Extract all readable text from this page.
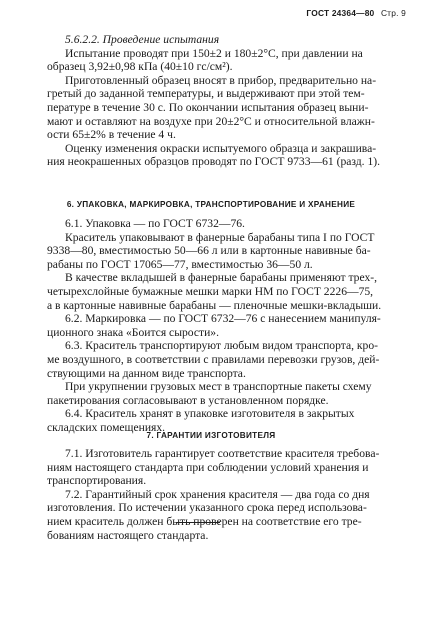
ГОСТ 24364—80 Стр. 9
5.6.2.2. Проведение испытания
Испытание проводят при 150±2 и 180±2°С, при давлении на
образец 3,92±0,98 кПа (40±10 гс/см²).
Приготовленный образец вносят в прибор, предварительно на-
гретый до заданной температуры, и выдерживают при этой тем-
пературе в течение 30 с. По окончании испытания образец выни-
мают и оставляют на воздухе при 20±2°С и относительной влажн-
ости 65±2% в течение 4 ч.
Оценку изменения окраски испытуемого образца и закрашива-
ния неокрашенных образцов проводят по ГОСТ 9733—61 (разд. 1).
6. УПАКОВКА, МАРКИРОВКА, ТРАНСПОРТИРОВАНИЕ И ХРАНЕНИЕ
6.1. Упаковка — по ГОСТ 6732—76.
Краситель упаковывают в фанерные барабаны типа I по ГОСТ
9338—80, вместимостью 50—66 л или в картонные навивные ба-
рабаны по ГОСТ 17065—77, вместимостью 36—50 л.
В качестве вкладышей в фанерные барабаны применяют трех-,
четырехслойные бумажные мешки марки НМ по ГОСТ 2226—75,
а в картонные навивные барабаны — пленочные мешки-вкладыши.
6.2. Маркировка — по ГОСТ 6732—76 с нанесением манипуля-
ционного знака «Боится сырости».
6.3. Краситель транспортируют любым видом транспорта, кро-
ме воздушного, в соответствии с правилами перевозки грузов, дей-
ствующими на данном виде транспорта.
При укрупнении грузовых мест в транспортные пакеты схему
пакетирования согласовывают в установленном порядке.
6.4. Краситель хранят в упаковке изготовителя в закрытых
складских помещениях.
7. ГАРАНТИИ ИЗГОТОВИТЕЛЯ
7.1. Изготовитель гарантирует соответствие красителя требова-
ниям настоящего стандарта при соблюдении условий хранения и
транспортирования.
7.2. Гарантийный срок хранения красителя — два года со дня
изготовления. По истечении указанного срока перед использова-
нием краситель должен быть проверен на соответствие его тре-
бованиям настоящего стандарта.
